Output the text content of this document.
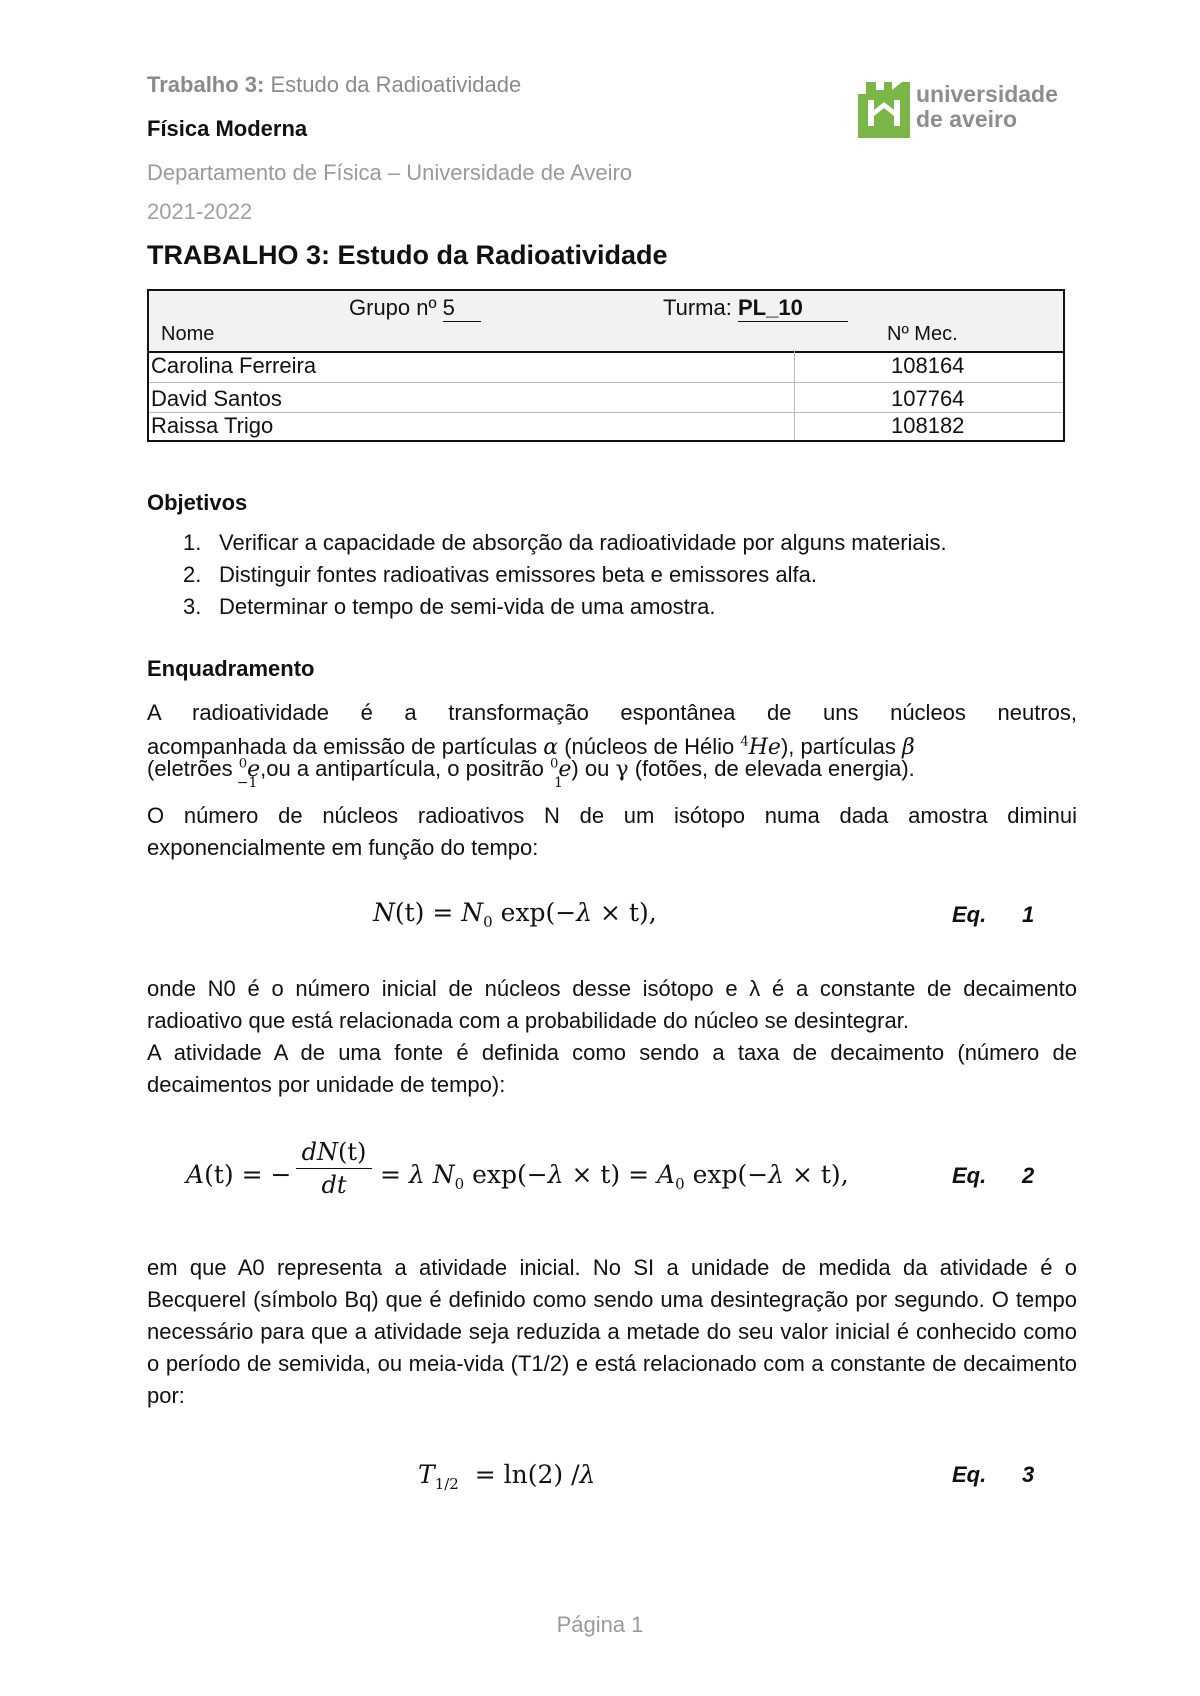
Trabalho 3: Estudo da Radioatividade
Física Moderna
Departamento de Física – Universidade de Aveiro
2021-2022
universidade
de aveiro
TRABALHO 3: Estudo da Radioatividade
Grupo nº 5	Turma: PL_10
Nome	Nº Mec.
Carolina Ferreira	108164
David Santos	107764
Raissa Trigo	108182
Objetivos
1. Verificar a capacidade de absorção da radioatividade por alguns materiais.
2. Distinguir fontes radioativas emissores beta e emissores alfa.
3. Determinar o tempo de semi-vida de uma amostra.
Enquadramento
A radioatividade é a transformação espontânea de uns núcleos neutros,
acompanhada da emissão de partículas α (núcleos de Hélio $^4$He), partículas β
(eletrões $^0$e
−1
,ou a antipartícula, o positrão $^0$e
1
) ou γ (fotões, de elevada energia).
O número de núcleos radioativos N de um isótopo numa dada amostra diminui exponencialmente em função do tempo:
$N(t) = N_0$ exp(−λ × t),	Eq. 1
onde N0 é o número inicial de núcleos desse isótopo e λ é a constante de decaimento
radioativo que está relacionada com a probabilidade do núcleo se desintegrar.
A atividade A de uma fonte é definida como sendo a taxa de decaimento (número de
decaimentos por unidade de tempo):
A(t) = − $\frac{dN(t)}{dt} = \lambda$ $N_0$ $\exp(-\lambda \times t) = A_0$ exp(−λ × t),	Eq. 2
em que A0 representa a atividade inicial. No SI a unidade de medida da atividade é o Becquerel (símbolo Bq) que é definido como sendo uma desintegração por segundo. O tempo necessário para que a atividade seja reduzida a metade do seu valor inicial é conhecido como o período de semivida, ou meia-vida (T1/2) e está relacionado com a constante de decaimento por:
$T_{1/2} = \ln(2)$ /λ	Eq. 3
Página 1
